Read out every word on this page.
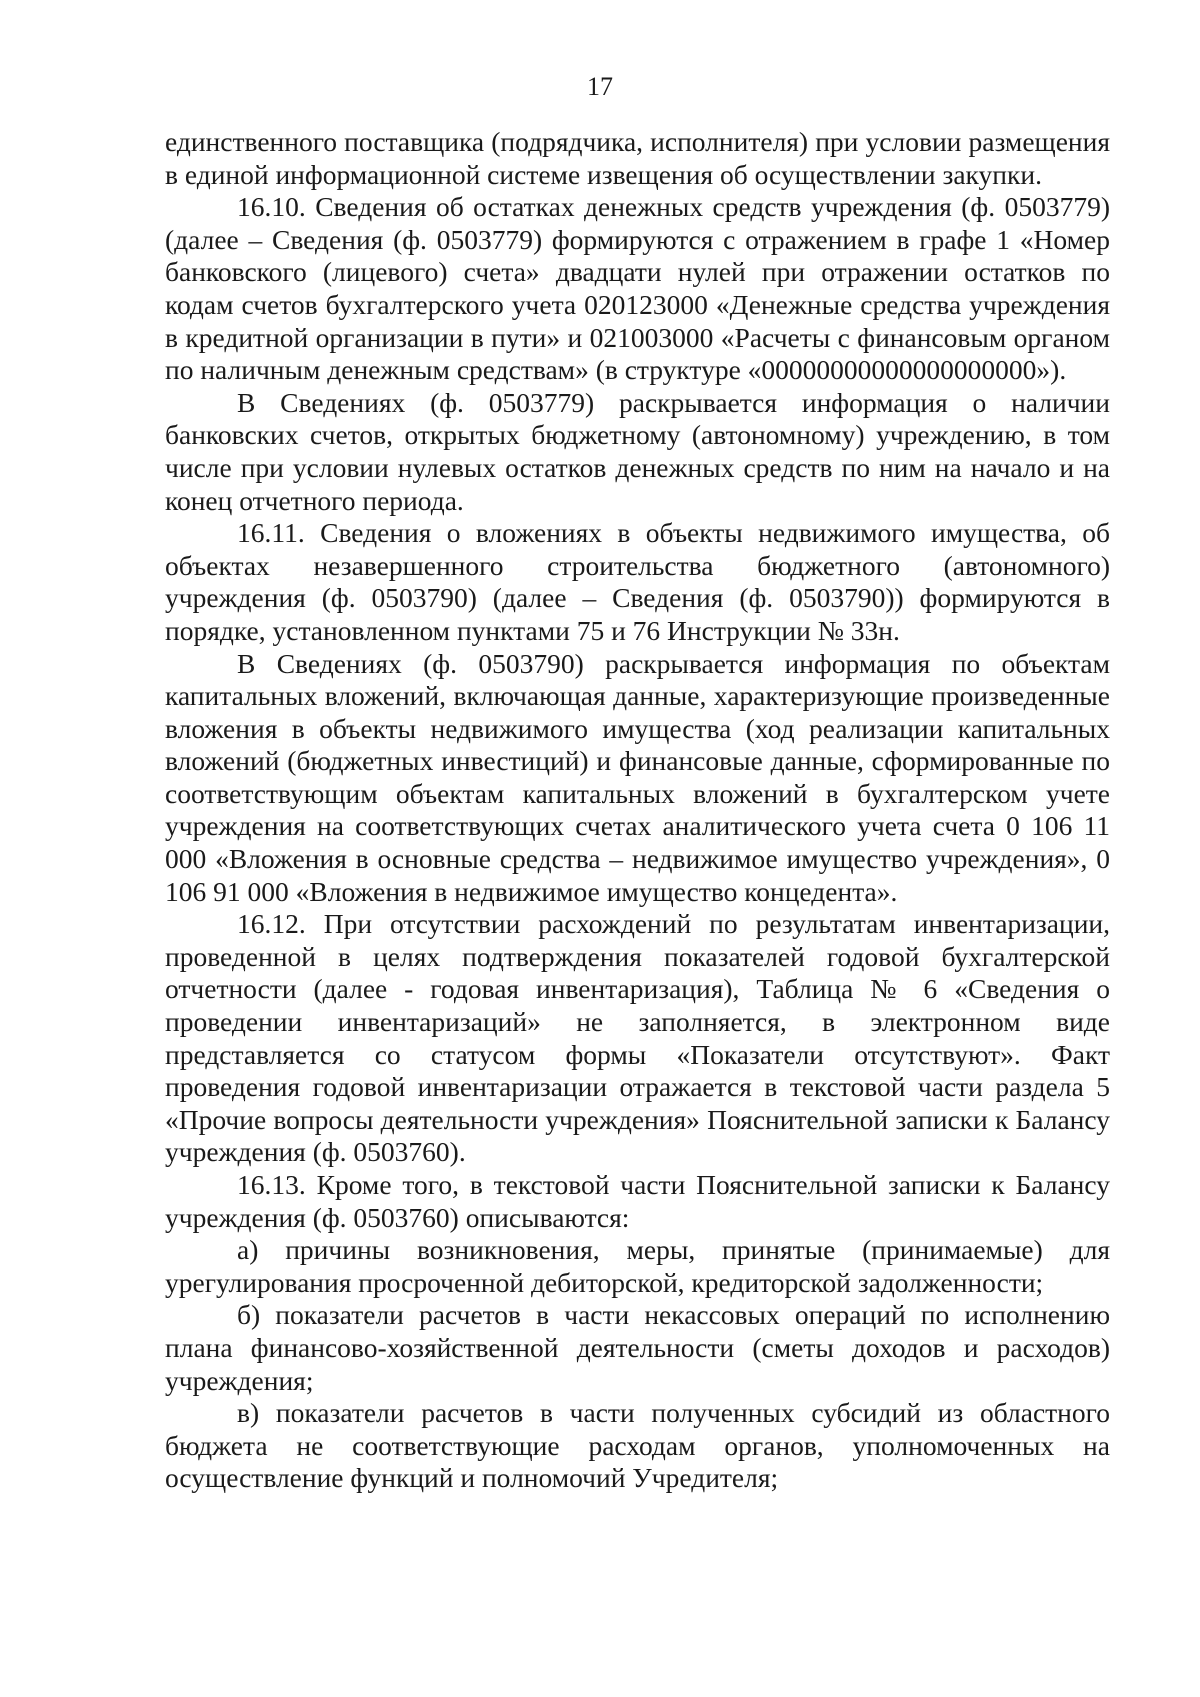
17

единственного поставщика (подрядчика, исполнителя) при условии размещения в единой информационной системе извещения об осуществлении закупки.

16.10. Сведения об остатках денежных средств учреждения (ф. 0503779) (далее – Сведения (ф. 0503779) формируются с отражением в графе 1 «Номер банковского (лицевого) счета» двадцати нулей при отражении остатков по кодам счетов бухгалтерского учета 020123000 «Денежные средства учреждения в кредитной организации в пути» и 021003000 «Расчеты с финансовым органом по наличным денежным средствам» (в структуре «00000000000000000000»).

В Сведениях (ф. 0503779) раскрывается информация о наличии банковских счетов, открытых бюджетному (автономному) учреждению, в том числе при условии нулевых остатков денежных средств по ним на начало и на конец отчетного периода.

16.11. Сведения о вложениях в объекты недвижимого имущества, об объектах незавершенного строительства бюджетного (автономного) учреждения (ф. 0503790) (далее – Сведения (ф. 0503790)) формируются в порядке, установленном пунктами 75 и 76 Инструкции № 33н.

В Сведениях (ф. 0503790) раскрывается информация по объектам капитальных вложений, включающая данные, характеризующие произведенные вложения в объекты недвижимого имущества (ход реализации капитальных вложений (бюджетных инвестиций) и финансовые данные, сформированные по соответствующим объектам капитальных вложений в бухгалтерском учете учреждения на соответствующих счетах аналитического учета счета 0 106 11 000 «Вложения в основные средства – недвижимое имущество учреждения», 0 106 91 000 «Вложения в недвижимое имущество концедента».

16.12. При отсутствии расхождений по результатам инвентаризации, проведенной в целях подтверждения показателей годовой бухгалтерской отчетности (далее - годовая инвентаризация), Таблица № 6 «Сведения о проведении инвентаризаций» не заполняется, в электронном виде представляется со статусом формы «Показатели отсутствуют». Факт проведения годовой инвентаризации отражается в текстовой части раздела 5 «Прочие вопросы деятельности учреждения» Пояснительной записки к Балансу учреждения (ф. 0503760).

16.13. Кроме того, в текстовой части Пояснительной записки к Балансу учреждения (ф. 0503760) описываются:

а) причины возникновения, меры, принятые (принимаемые) для урегулирования просроченной дебиторской, кредиторской задолженности;

б) показатели расчетов в части некассовых операций по исполнению плана финансово-хозяйственной деятельности (сметы доходов и расходов) учреждения;

в) показатели расчетов в части полученных субсидий из областного бюджета не соответствующие расходам органов, уполномоченных на осуществление функций и полномочий Учредителя;
